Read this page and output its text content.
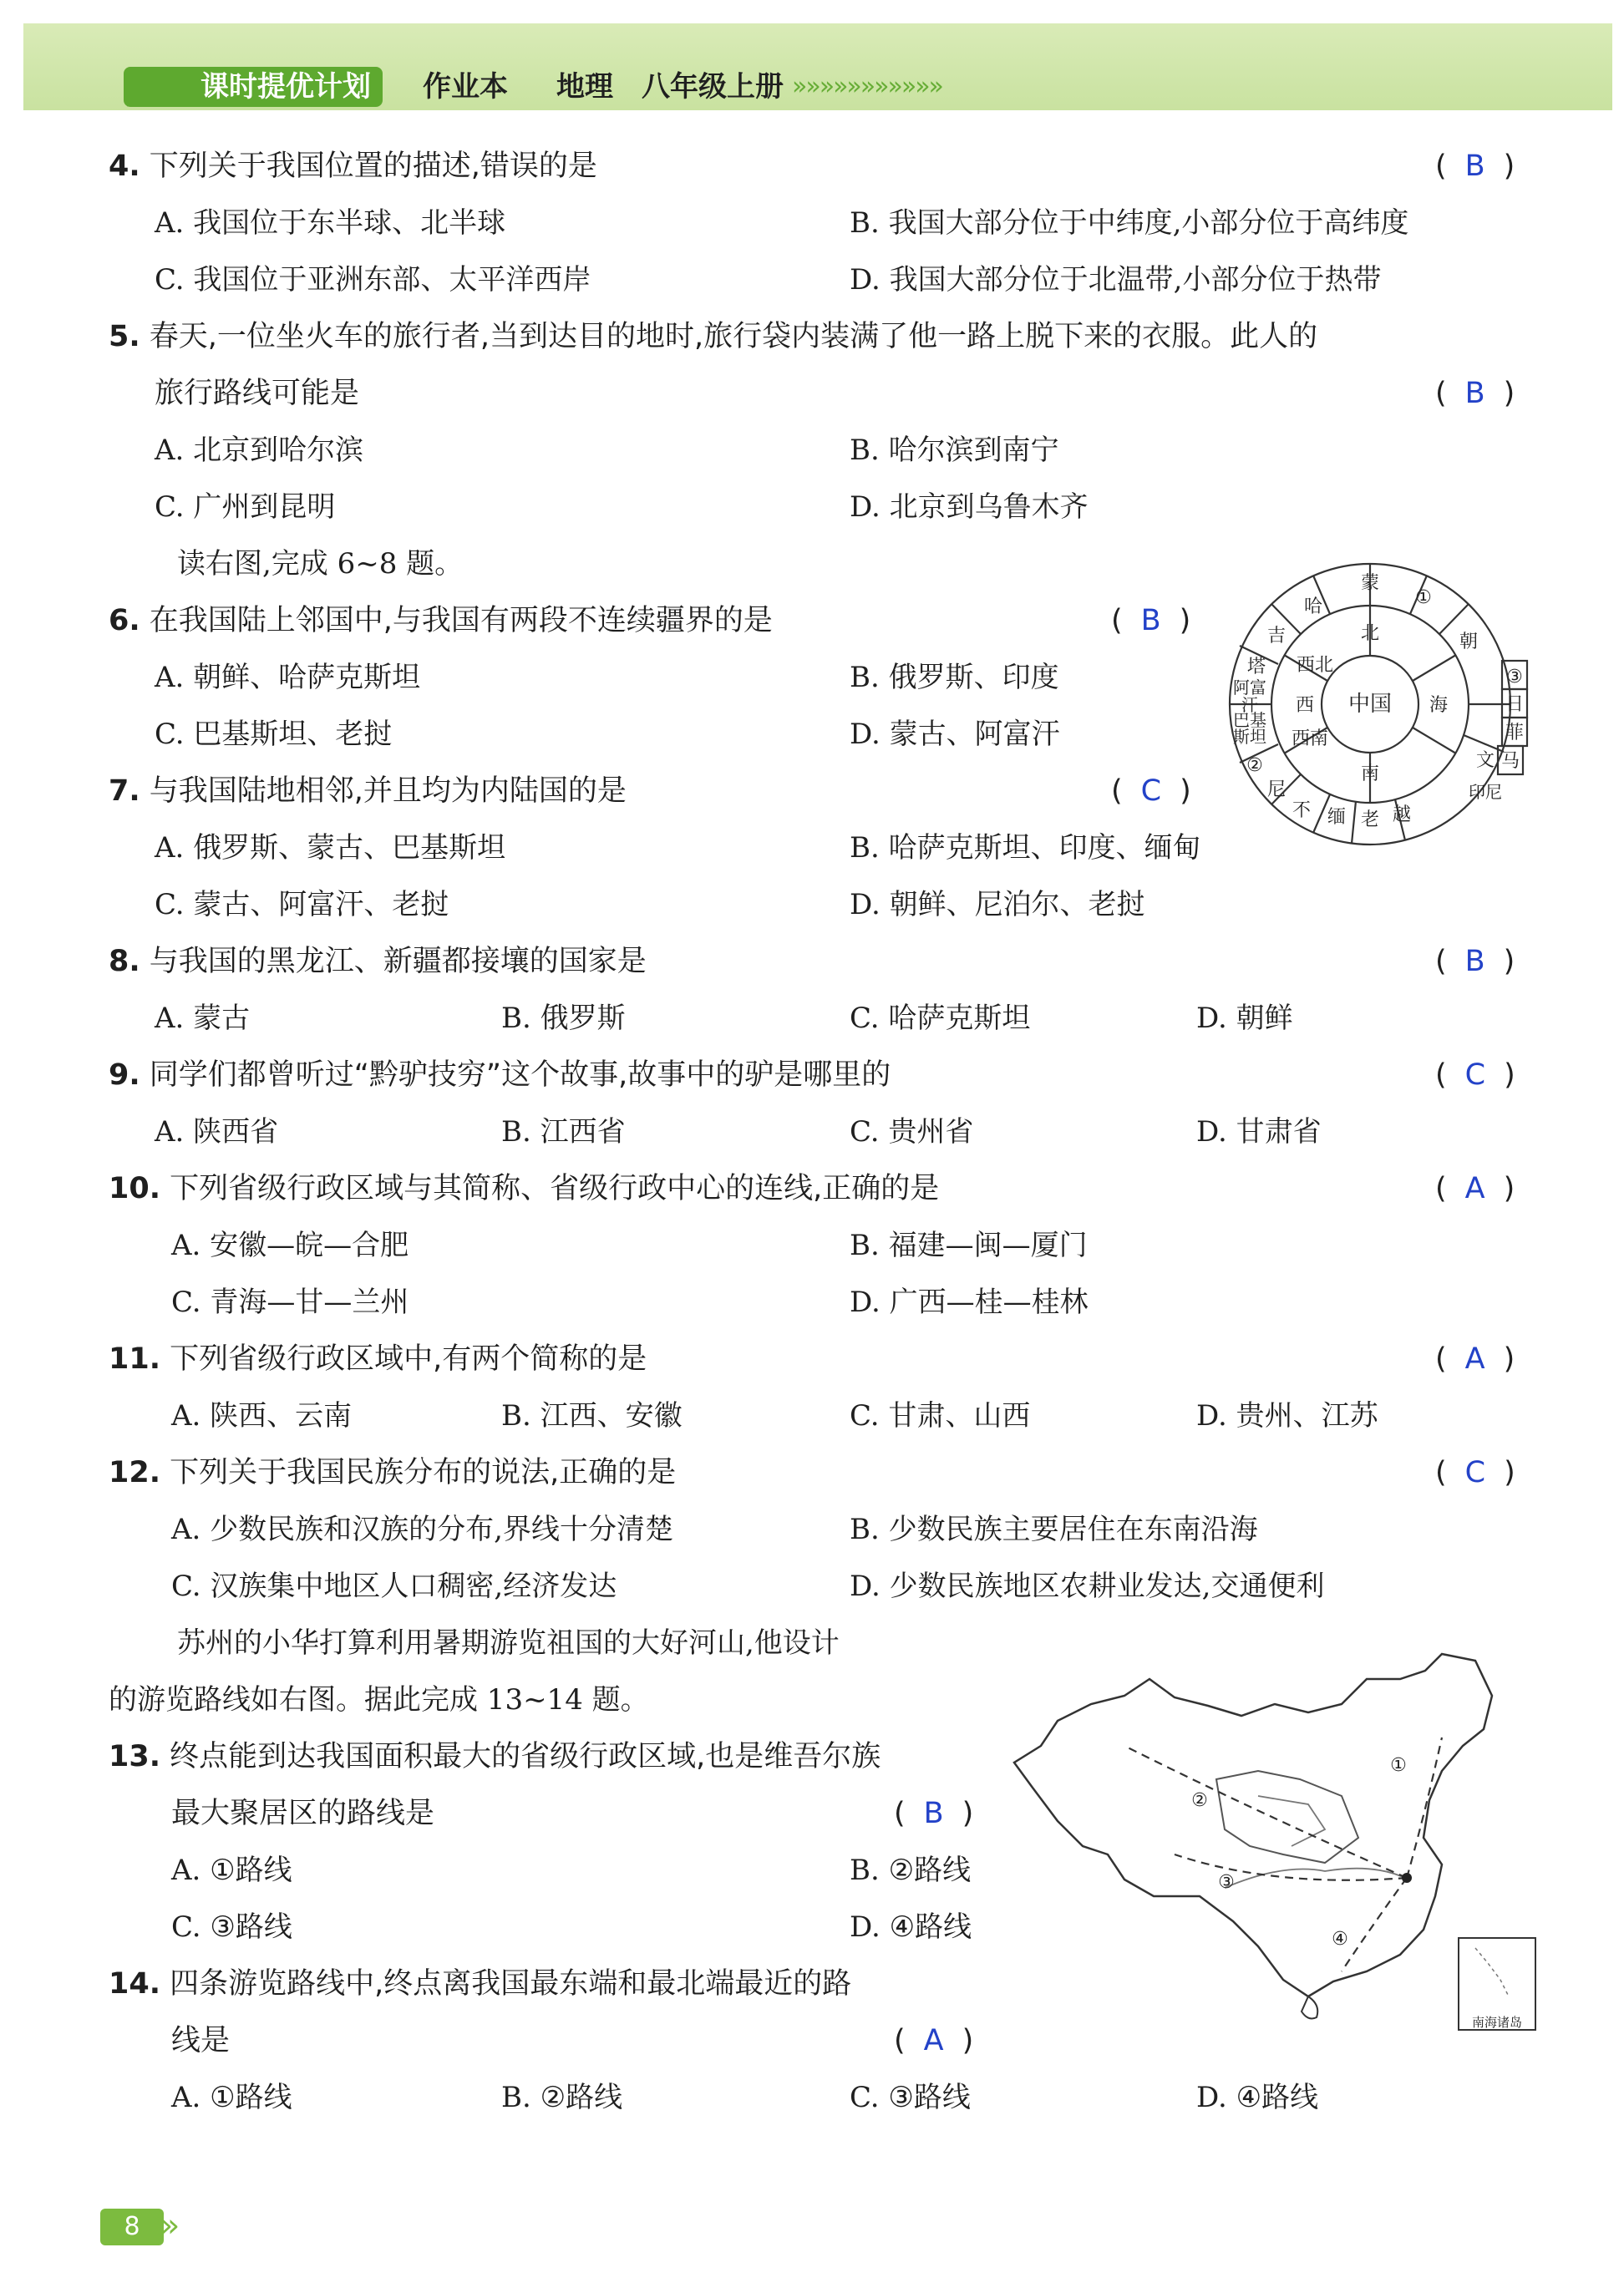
课时提优计划	作业本 地理 八年级上册 »»»»»»»»»»»
4. 下列关于我国位置的描述,错误的是	( B )
A. 我国位于东半球、北半球	B. 我国大部分位于中纬度,小部分位于高纬度
C. 我国位于亚洲东部、太平洋西岸	D. 我国大部分位于北温带,小部分位于热带
5. 春天,一位坐火车的旅行者,当到达目的地时,旅行袋内装满了他一路上脱下来的衣服。此人的
旅行路线可能是	( B )
A. 北京到哈尔滨	B. 哈尔滨到南宁
C. 广州到昆明	D. 北京到乌鲁木齐
读右图,完成 6~8 题。
6. 在我国陆上邻国中,与我国有两段不连续疆界的是	( B )
A. 朝鲜、哈萨克斯坦	B. 俄罗斯、印度
C. 巴基斯坦、老挝	D. 蒙古、阿富汗
7. 与我国陆地相邻,并且均为内陆国的是	( C )
A. 俄罗斯、蒙古、巴基斯坦	B. 哈萨克斯坦、印度、缅甸
C. 蒙古、阿富汗、老挝	D. 朝鲜、尼泊尔、老挝
8. 与我国的黑龙江、新疆都接壤的国家是	( B )
A. 蒙古	B. 俄罗斯	C. 哈萨克斯坦	D. 朝鲜
9. 同学们都曾听过“黔驴技穷”这个故事,故事中的驴是哪里的	( C )
A. 陕西省	B. 江西省	C. 贵州省	D. 甘肃省
10. 下列省级行政区域与其简称、省级行政中心的连线,正确的是	( A )
A. 安徽—皖—合肥	B. 福建—闽—厦门
C. 青海—甘—兰州	D. 广西—桂—桂林
11. 下列省级行政区域中,有两个简称的是	( A )
A. 陕西、云南	B. 江西、安徽	C. 甘肃、山西	D. 贵州、江苏
12. 下列关于我国民族分布的说法,正确的是	( C )
A. 少数民族和汉族的分布,界线十分清楚	B. 少数民族主要居住在东南沿海
C. 汉族集中地区人口稠密,经济发达	D. 少数民族地区农耕业发达,交通便利
苏州的小华打算利用暑期游览祖国的大好河山,他设计
的游览路线如右图。据此完成 13~14 题。
13. 终点能到达我国面积最大的省级行政区域,也是维吾尔族
最大聚居区的路线是	( B )
A. ①路线	B. ②路线
C. ③路线	D. ④路线
14. 四条游览路线中,终点离我国最东端和最北端最近的路
线是	( A )
A. ①路线	B. ②路线	C. ③路线	D. ④路线
中国
北
西北
西
西南
南
海
蒙
①
朝
哈
吉
塔
阿富
汗
巴基
斯坦
②
尼
不 缅 老 越
③
日
菲
马
文
印尼
①
②
③
④
南海诸岛
8 »
